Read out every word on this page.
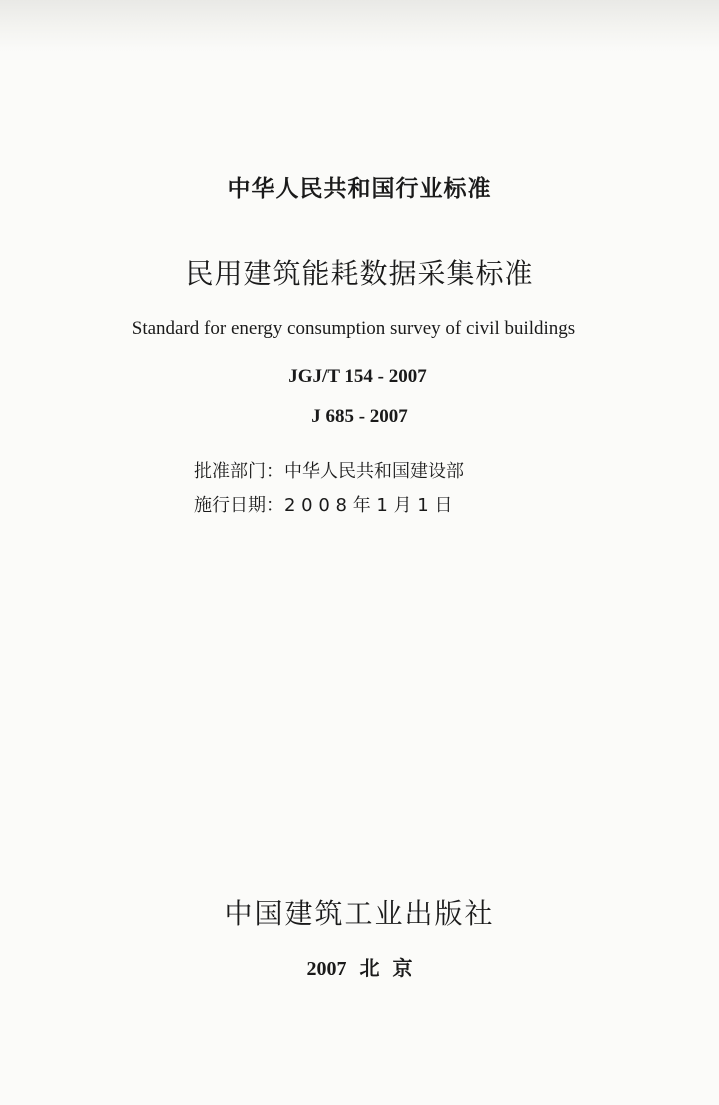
中华人民共和国行业标准
民用建筑能耗数据采集标准
Standard for energy consumption survey of civil buildings
JGJ/T 154 - 2007
J 685 - 2007
批准部门：中华人民共和国建设部
施行日期：2 0 0 8 年 1 月 1 日
中国建筑工业出版社
2007 北 京
